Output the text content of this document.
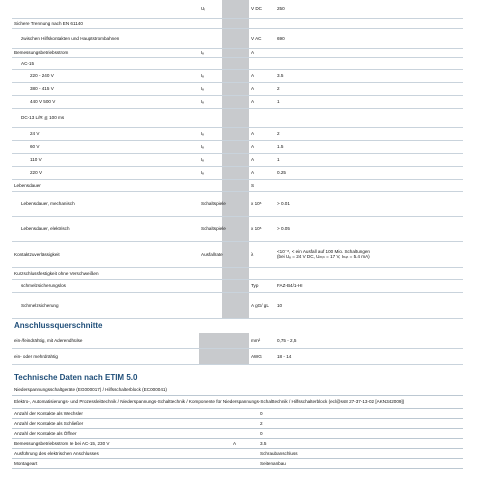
	Uᵢ		V DC	250
Sichere Trennung nach EN 61140				
zwischen Hilfskontakten und Hauptstrombahnen			V AC	690
Bemessungsbetriebsstrom	Iₑ		A	
AC-15				
220 - 240 V	Iₑ		A	3.5
380 - 415 V	Iₑ		A	2
440 V 500 V	Iₑ		A	1
DC-13 L/R ≦ 100 ms				
24 V	Iₑ		A	2
60 V	Iₑ		A	1.5
110 V	Iₑ		A	1
220 V	Iₑ		A	0.25
Lebensdauer			S	
Lebensdauer, mechanisch	Schaltspiele		x 10⁶	> 0.01
Lebensdauer, elektrisch	Schaltspiele		x 10⁶	> 0.05
Kontaktzuverlässigkeit	Ausfallrate		λ	<10⁻⁸, < ein Ausfall auf 100 Mio. Schaltungen
(bei Uₑ = 24 V DC, Uₘᵢₙ = 17 V, Iₘᵢₙ = 5.4 mA)
Kurzschlussfestigkeit ohne Verschweißen				
schmelzsicherungslos			Typ	FAZ-B4/1-HI
Schmelzsicherung			A gG/ gL	10
Anschlussquerschnitte
ein-/feindrähtig, mit Aderendhülse			mm²	0,75 - 2,5
ein- oder mehrdrähtig			AWG	18 - 14
Technische Daten nach ETIM 5.0
Niederspannungsschaltgeräte (EG000017) / Hilfsschalterblock (EC000041)		
Elektro-, Automatisierungs- und Prozessleittechnik / Niederspannungs-Schalttechnik / Komponente für Niederspannungs-Schalttechnik / Hilfsschalterblock (ecl@ss8 27-37-13-02 [AKN342009])		
Anzahl der Kontakte als Wechsler		0
Anzahl der Kontakte als Schließer		2
Anzahl der Kontakte als Öffner		0
Bemessungsbetriebsstrom Ie bei AC-15, 230 V	A	3.5
Ausführung des elektrischen Anschlusses		Schraubanschluss
Montageart		Seitenanbau
